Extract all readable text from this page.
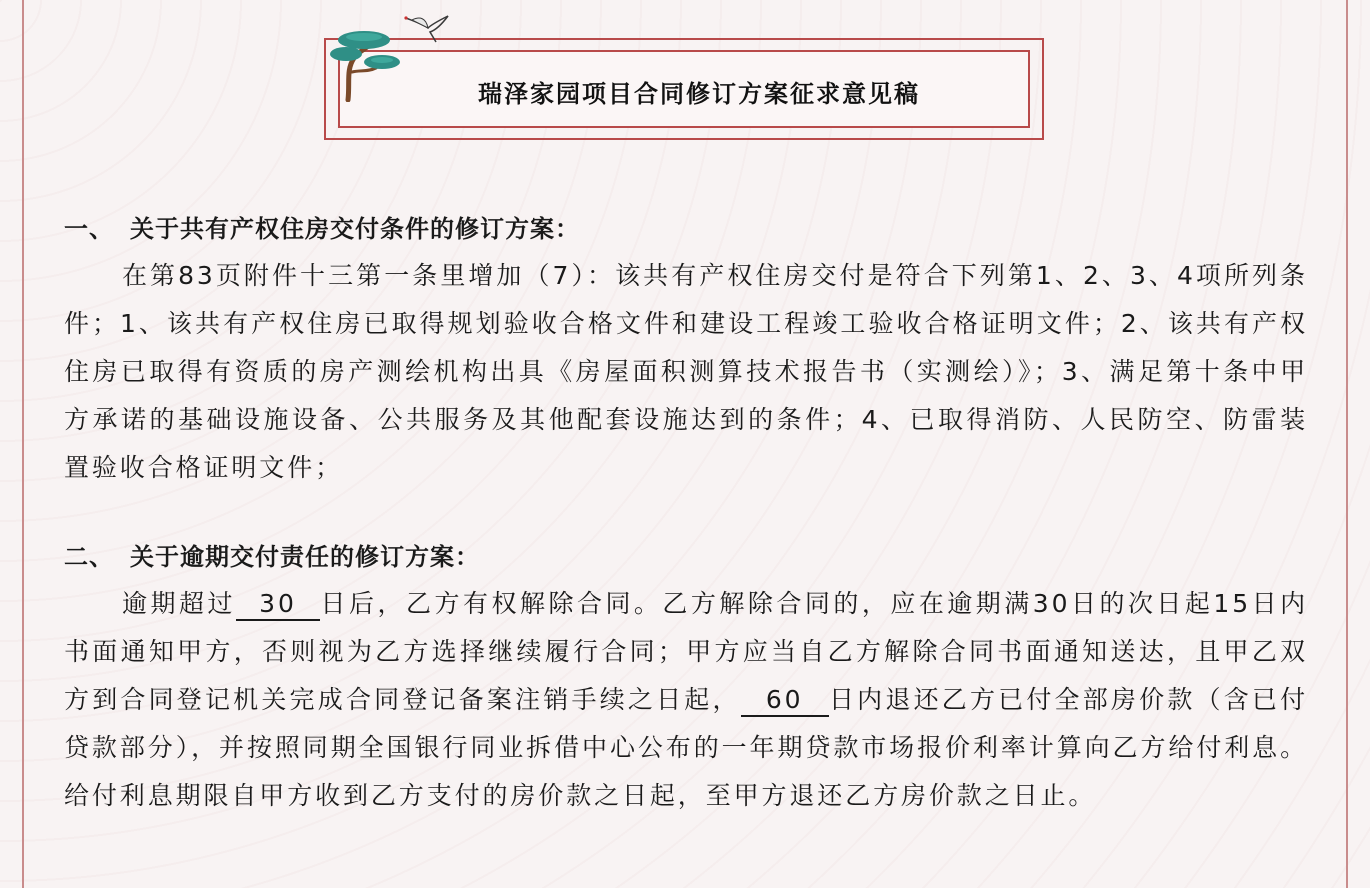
瑞泽家园项目合同修订方案征求意见稿
一、 关于共有产权住房交付条件的修订方案：

在第83页附件十三第一条里增加（7）：该共有产权住房交付是符合下列第1、2、3、4项所列条件；1、该共有产权住房已取得规划验收合格文件和建设工程竣工验收合格证明文件；2、该共有产权住房已取得有资质的房产测绘机构出具《房屋面积测算技术报告书（实测绘）》；3、满足第十条中甲方承诺的基础设施设备、公共服务及其他配套设施达到的条件；4、已取得消防、人民防空、防雷装置验收合格证明文件；

二、 关于逾期交付责任的修订方案：

逾期超过 30 日后，乙方有权解除合同。乙方解除合同的，应在逾期满30日的次日起15日内书面通知甲方，否则视为乙方选择继续履行合同；甲方应当自乙方解除合同书面通知送达，且甲乙双方到合同登记机关完成合同登记备案注销手续之日起， 60 日内退还乙方已付全部房价款（含已付贷款部分），并按照同期全国银行同业拆借中心公布的一年期贷款市场报价利率计算向乙方给付利息。给付利息期限自甲方收到乙方支付的房价款之日起，至甲方退还乙方房价款之日止。
